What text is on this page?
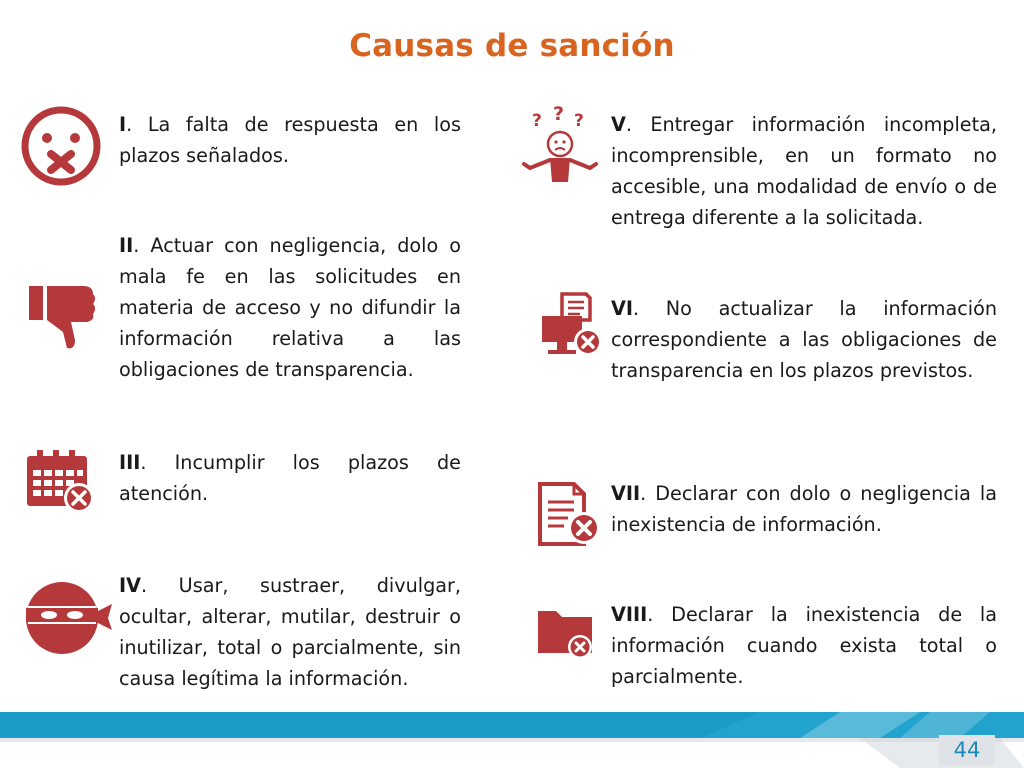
Causas de sanción
I. La falta de respuesta en los plazos señalados.
II. Actuar con negligencia, dolo o mala fe en las solicitudes en materia de acceso y no difundir la información relativa a las obligaciones de transparencia.
III. Incumplir los plazos de atención.
IV. Usar, sustraer, divulgar, ocultar, alterar, mutilar, destruir o inutilizar, total o parcialmente, sin causa legítima la información.
? ? ? V. Entregar información incompleta, incomprensible, en un formato no accesible, una modalidad de envío o de entrega diferente a la solicitada.
VI. No actualizar la información correspondiente a las obligaciones de transparencia en los plazos previstos.
VII. Declarar con dolo o negligencia la inexistencia de información.
VIII. Declarar la inexistencia de la información cuando exista total o parcialmente.
44
